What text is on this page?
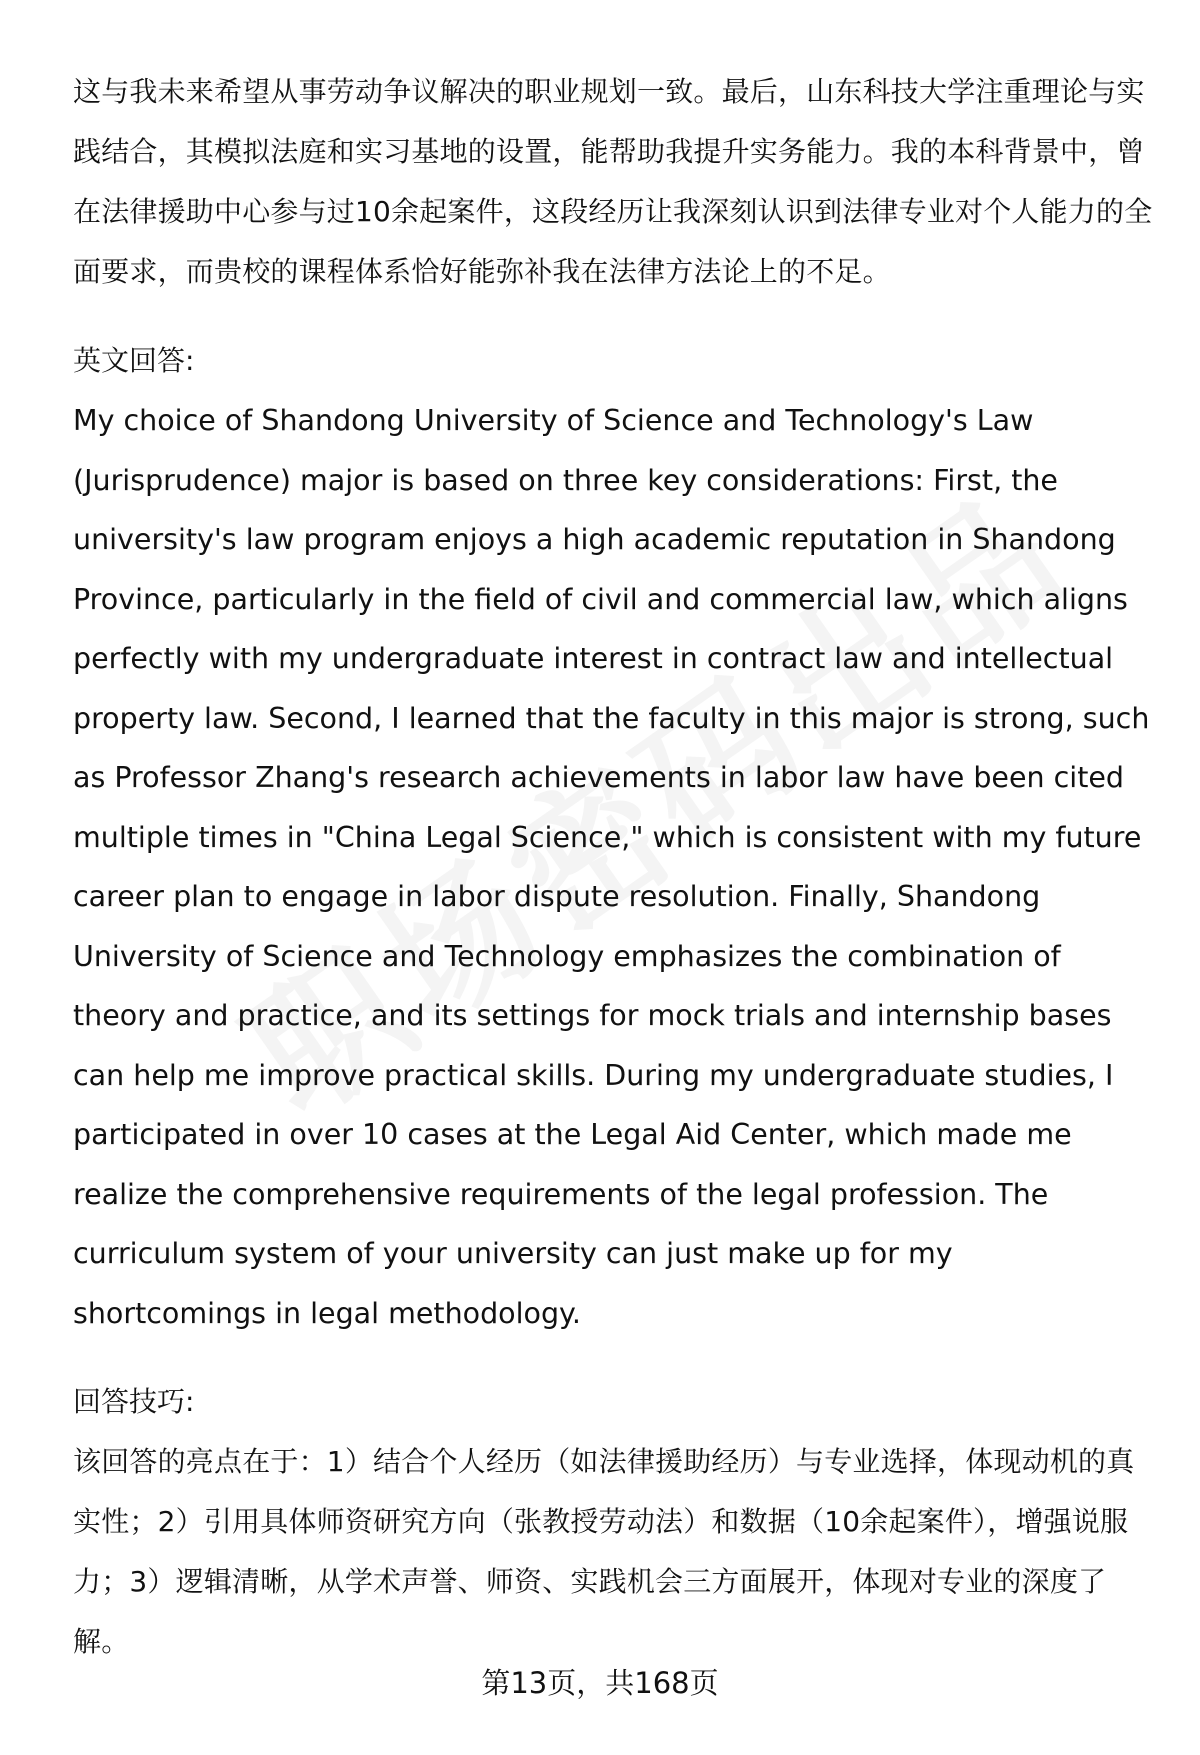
这与我未来希望从事劳动争议解决的职业规划一致。最后，山东科技大学注重理论与实践结合，其模拟法庭和实习基地的设置，能帮助我提升实务能力。我的本科背景中，曾在法律援助中心参与过10余起案件，这段经历让我深刻认识到法律专业对个人能力的全面要求，而贵校的课程体系恰好能弥补我在法律方法论上的不足。

英文回答:

My choice of Shandong University of Science and Technology's Law (Jurisprudence) major is based on three key considerations: First, the university's law program enjoys a high academic reputation in Shandong Province, particularly in the field of civil and commercial law, which aligns perfectly with my undergraduate interest in contract law and intellectual property law. Second, I learned that the faculty in this major is strong, such as Professor Zhang's research achievements in labor law have been cited multiple times in "China Legal Science," which is consistent with my future career plan to engage in labor dispute resolution. Finally, Shandong University of Science and Technology emphasizes the combination of theory and practice, and its settings for mock trials and internship bases can help me improve practical skills. During my undergraduate studies, I participated in over 10 cases at the Legal Aid Center, which made me realize the comprehensive requirements of the legal profession. The curriculum system of your university can just make up for my shortcomings in legal methodology.

回答技巧:

该回答的亮点在于：1）结合个人经历（如法律援助经历）与专业选择，体现动机的真实性；2）引用具体师资研究方向（张教授劳动法）和数据（10余起案件），增强说服力；3）逻辑清晰，从学术声誉、师资、实践机会三方面展开，体现对专业的深度了解。

第13页，共168页
